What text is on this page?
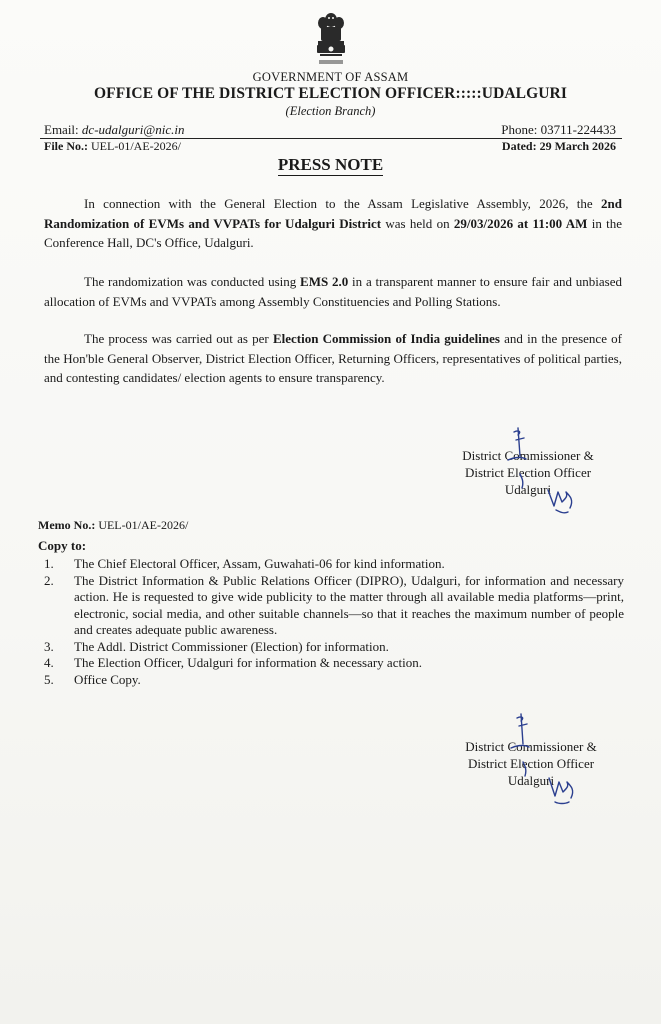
GOVERNMENT OF ASSAM
OFFICE OF THE DISTRICT ELECTION OFFICER:::::UDALGURI
(Election Branch)
Email: dc-udalguri@nic.in	Phone: 03711-224433
File No.: UEL-01/AE-2026/	Dated: 29 March 2026
PRESS NOTE
In connection with the General Election to the Assam Legislative Assembly, 2026, the 2nd Randomization of EVMs and VVPATs for Udalguri District was held on 29/03/2026 at 11:00 AM in the Conference Hall, DC's Office, Udalguri.
The randomization was conducted using EMS 2.0 in a transparent manner to ensure fair and unbiased allocation of EVMs and VVPATs among Assembly Constituencies and Polling Stations.
The process was carried out as per Election Commission of India guidelines and in the presence of the Hon'ble General Observer, District Election Officer, Returning Officers, representatives of political parties, and contesting candidates/ election agents to ensure transparency.
District Commissioner &
District Election Officer
Udalguri
Memo No.: UEL-01/AE-2026/
Copy to:
1.	The Chief Electoral Officer, Assam, Guwahati-06 for kind information.
2.	The District Information & Public Relations Officer (DIPRO), Udalguri, for information and necessary action. He is requested to give wide publicity to the matter through all available media platforms—print, electronic, social media, and other suitable channels—so that it reaches the maximum number of people and creates adequate public awareness.
3.	The Addl. District Commissioner (Election) for information.
4.	The Election Officer, Udalguri for information & necessary action.
5.	Office Copy.
District Commissioner &
District Election Officer
Udalguri
